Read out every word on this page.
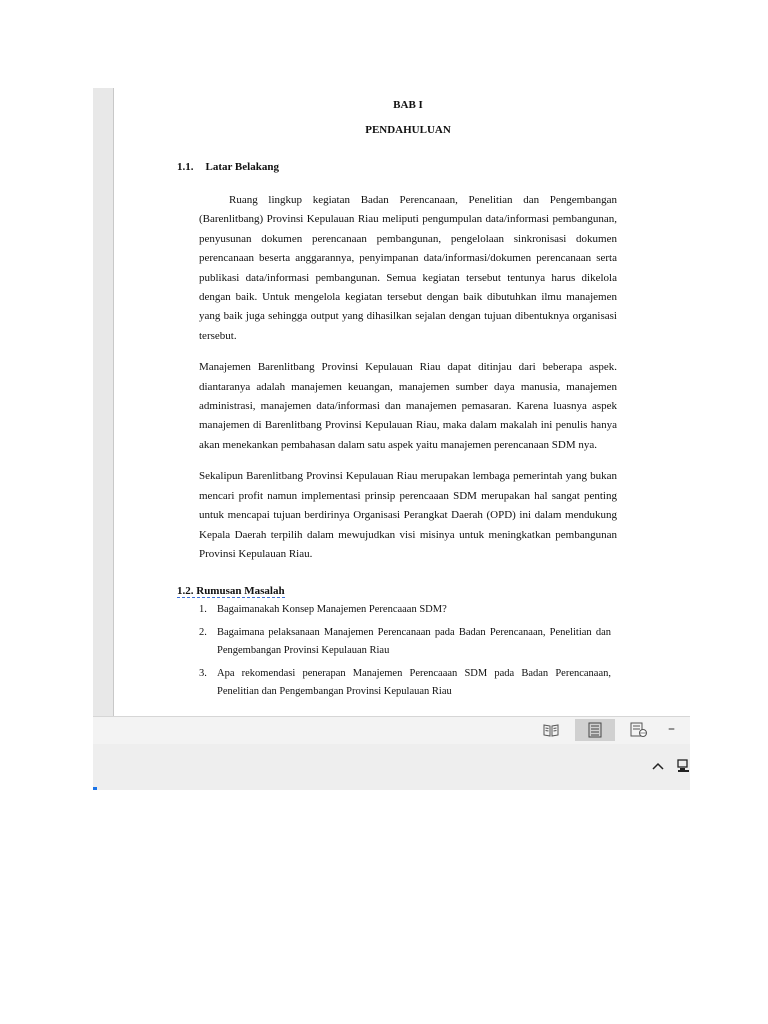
BAB I

PENDAHULUAN

1.1. Latar Belakang

Ruang lingkup kegiatan Badan Perencanaan, Penelitian dan Pengembangan (Barenlitbang) Provinsi Kepulauan Riau meliputi pengumpulan data/informasi pembangunan, penyusunan dokumen perencanaan pembangunan, pengelolaan sinkronisasi dokumen perencanaan beserta anggarannya, penyimpanan data/informasi/dokumen perencanaan serta publikasi data/informasi pembangunan. Semua kegiatan tersebut tentunya harus dikelola dengan baik. Untuk mengelola kegiatan tersebut dengan baik dibutuhkan ilmu manajemen yang baik juga sehingga output yang dihasilkan sejalan dengan tujuan dibentuknya organisasi tersebut.

Manajemen Barenlitbang Provinsi Kepulauan Riau dapat ditinjau dari beberapa aspek. diantaranya adalah manajemen keuangan, manajemen sumber daya manusia, manajemen administrasi, manajemen data/informasi dan manajemen pemasaran. Karena luasnya aspek manajemen di Barenlitbang Provinsi Kepulauan Riau, maka dalam makalah ini penulis hanya akan menekankan pembahasan dalam satu aspek yaitu manajemen perencanaan SDM nya.

Sekalipun Barenlitbang Provinsi Kepulauan Riau merupakan lembaga pemerintah yang bukan mencari profit namun implementasi prinsip perencaaan SDM merupakan hal sangat penting untuk mencapai tujuan berdirinya Organisasi Perangkat Daerah (OPD) ini dalam mendukung Kepala Daerah terpilih dalam mewujudkan visi misinya untuk meningkatkan pembangunan Provinsi Kepulauan Riau.

1.2. Rumusan Masalah
1. Bagaimanakah Konsep Manajemen Perencaaan SDM?
2. Bagaimana pelaksanaan Manajemen Perencanaan pada Badan Perencanaan, Penelitian dan Pengembangan Provinsi Kepulauan Riau
3. Apa rekomendasi penerapan Manajemen Perencaaan SDM pada Badan Perencanaan, Penelitian dan Pengembangan Provinsi Kepulauan Riau
–
